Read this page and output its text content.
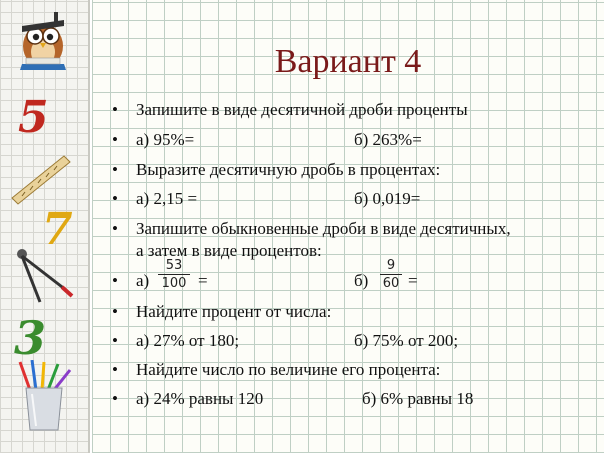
5
7
3
Вариант 4
• Запишите в виде десятичной дроби проценты
• а) 95%=	б) 263%=
• Выразите десятичную дробь в процентах:
• а) 2,15 =	б) 0,019=
• Запишите обыкновенные дроби в виде десятичных,
а затем в виде процентов:
• а)
53
100 =	б)
9
60 =
• Найдите процент от числа:
• а) 27% от 180;	б) 75% от 200;
• Найдите число по величине его процента:
• а) 24% равны 120	б) 6% равны 18
